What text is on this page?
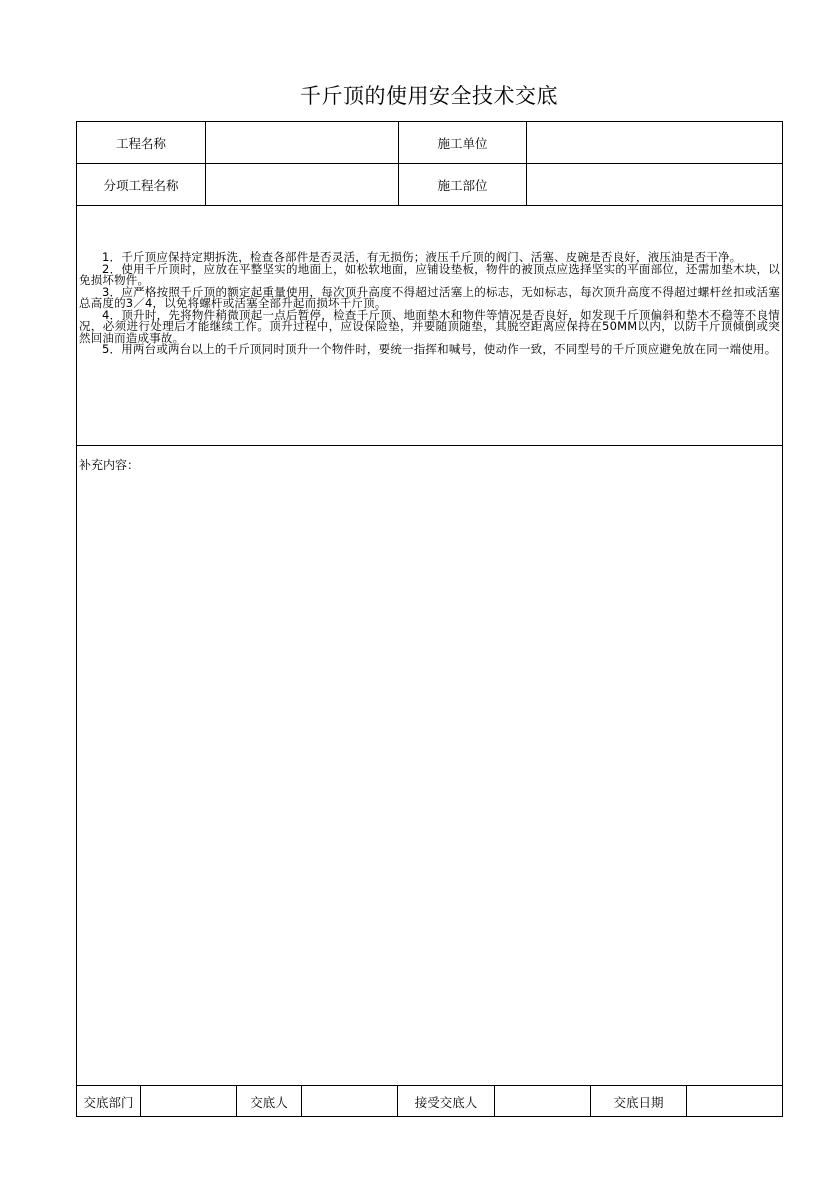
千斤顶的使用安全技术交底
工程名称	施工单位
分项工程名称	施工部位

1．千斤顶应保持定期拆洗，检查各部件是否灵活，有无损伤；液压千斤顶的阀门、活塞、皮碗是否良好，液压油是否干净。

2．使用千斤顶时，应放在平整坚实的地面上，如松软地面，应铺设垫板，物件的被顶点应选择坚实的平面部位，还需加垫木块，以免损坏物件。

3．应严格按照千斤顶的额定起重量使用，每次顶升高度不得超过活塞上的标志，无如标志，每次顶升高度不得超过螺杆丝扣或活塞总高度的3／4，以免将螺杆或活塞全部升起而损坏千斤顶。

4．顶升时，先将物件稍微顶起一点后暂停，检查千斤顶、地面垫木和物件等情况是否良好，如发现千斤顶偏斜和垫木不稳等不良情况，必须进行处理后才能继续工作。顶升过程中，应设保险垫，并要随顶随垫，其脱空距离应保持在50MM以内，以防千斤顶倾倒或突然回油而造成事故。

5．用两台或两台以上的千斤顶同时顶升一个物件时，要统一指挥和喊号，使动作一致，不同型号的千斤顶应避免放在同一端使用。

补充内容：
交底部门	交底人	接受交底人	交底日期
